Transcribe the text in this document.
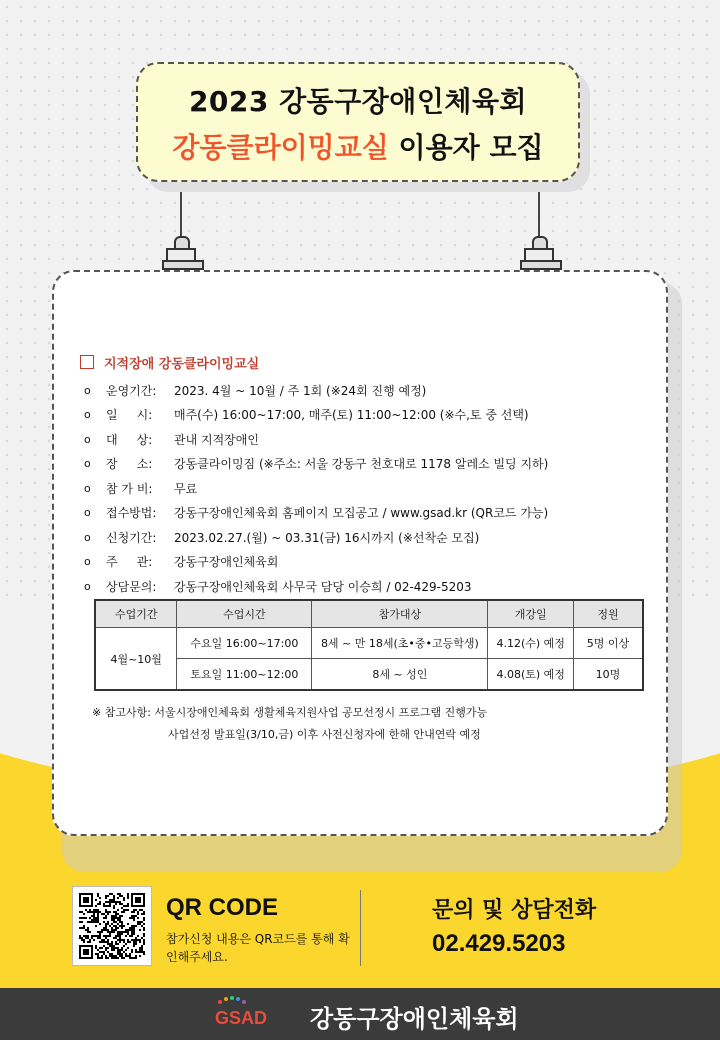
2023 강동구장애인체육회
강동클라이밍교실 이용자 모집
지적장애 강동클라이밍교실
o	운영기간:	2023. 4월 ~ 10월 / 주 1회 (※24회 진행 예정)
o	일     시:	매주(수) 16:00~17:00, 매주(토) 11:00~12:00 (※수,토 중 선택)
o	대     상:	관내 지적장애인
o	장     소:	강동클라이밍짐 (※주소: 서울 강동구 천호대로 1178 알레소 빌딩 지하)
o	참 가 비:	무료
o	접수방법:	강동구장애인체육회 홈페이지 모집공고 / www.gsad.kr (QR코드 가능)
o	신청기간:	2023.02.27.(월) ~ 03.31(금) 16시까지 (※선착순 모집)
o	주     관:	강동구장애인체육회
o	상담문의:	강동구장애인체육회 사무국 담당 이승희 / 02-429-5203
수업기간	수업시간	참가대상	개강일	정원
4월~10월	수요일 16:00~17:00	8세 ~ 만 18세(초•중•고등학생)	4.12(수) 예정	5명 이상
	토요일 11:00~12:00	8세 ~ 성인	4.08(토) 예정	10명
※ 참고사항: 서울시장애인체육회 생활체육지원사업 공모선정시 프로그램 진행가능
사업선정 발표일(3/10,금) 이후 사전신청자에 한해 안내연락 예정
QR CODE
참가신청 내용은 QR코드를 통해 확인해주세요.
문의 및 상담전화
02.429.5203
GSAD 강동구장애인체육회
